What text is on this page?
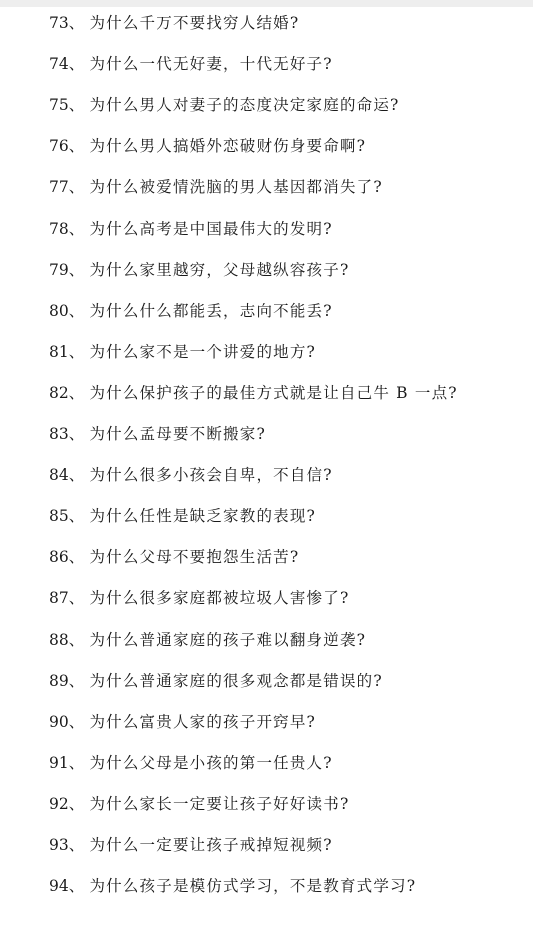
73、 为什么千万不要找穷人结婚?
74、 为什么一代无好妻，十代无好子?
75、 为什么男人对妻子的态度决定家庭的命运?
76、 为什么男人搞婚外恋破财伤身要命啊?
77、 为什么被爱情洗脑的男人基因都消失了?
78、 为什么高考是中国最伟大的发明?
79、 为什么家里越穷，父母越纵容孩子?
80、 为什么什么都能丢，志向不能丢?
81、 为什么家不是一个讲爱的地方?
82、 为什么保护孩子的最佳方式就是让自己牛 B 一点?
83、 为什么孟母要不断搬家?
84、 为什么很多小孩会自卑，不自信?
85、 为什么任性是缺乏家教的表现?
86、 为什么父母不要抱怨生活苦?
87、 为什么很多家庭都被垃圾人害惨了?
88、 为什么普通家庭的孩子难以翻身逆袭?
89、 为什么普通家庭的很多观念都是错误的?
90、 为什么富贵人家的孩子开窍早?
91、 为什么父母是小孩的第一任贵人?
92、 为什么家长一定要让孩子好好读书?
93、 为什么一定要让孩子戒掉短视频?
94、 为什么孩子是模仿式学习，不是教育式学习?
